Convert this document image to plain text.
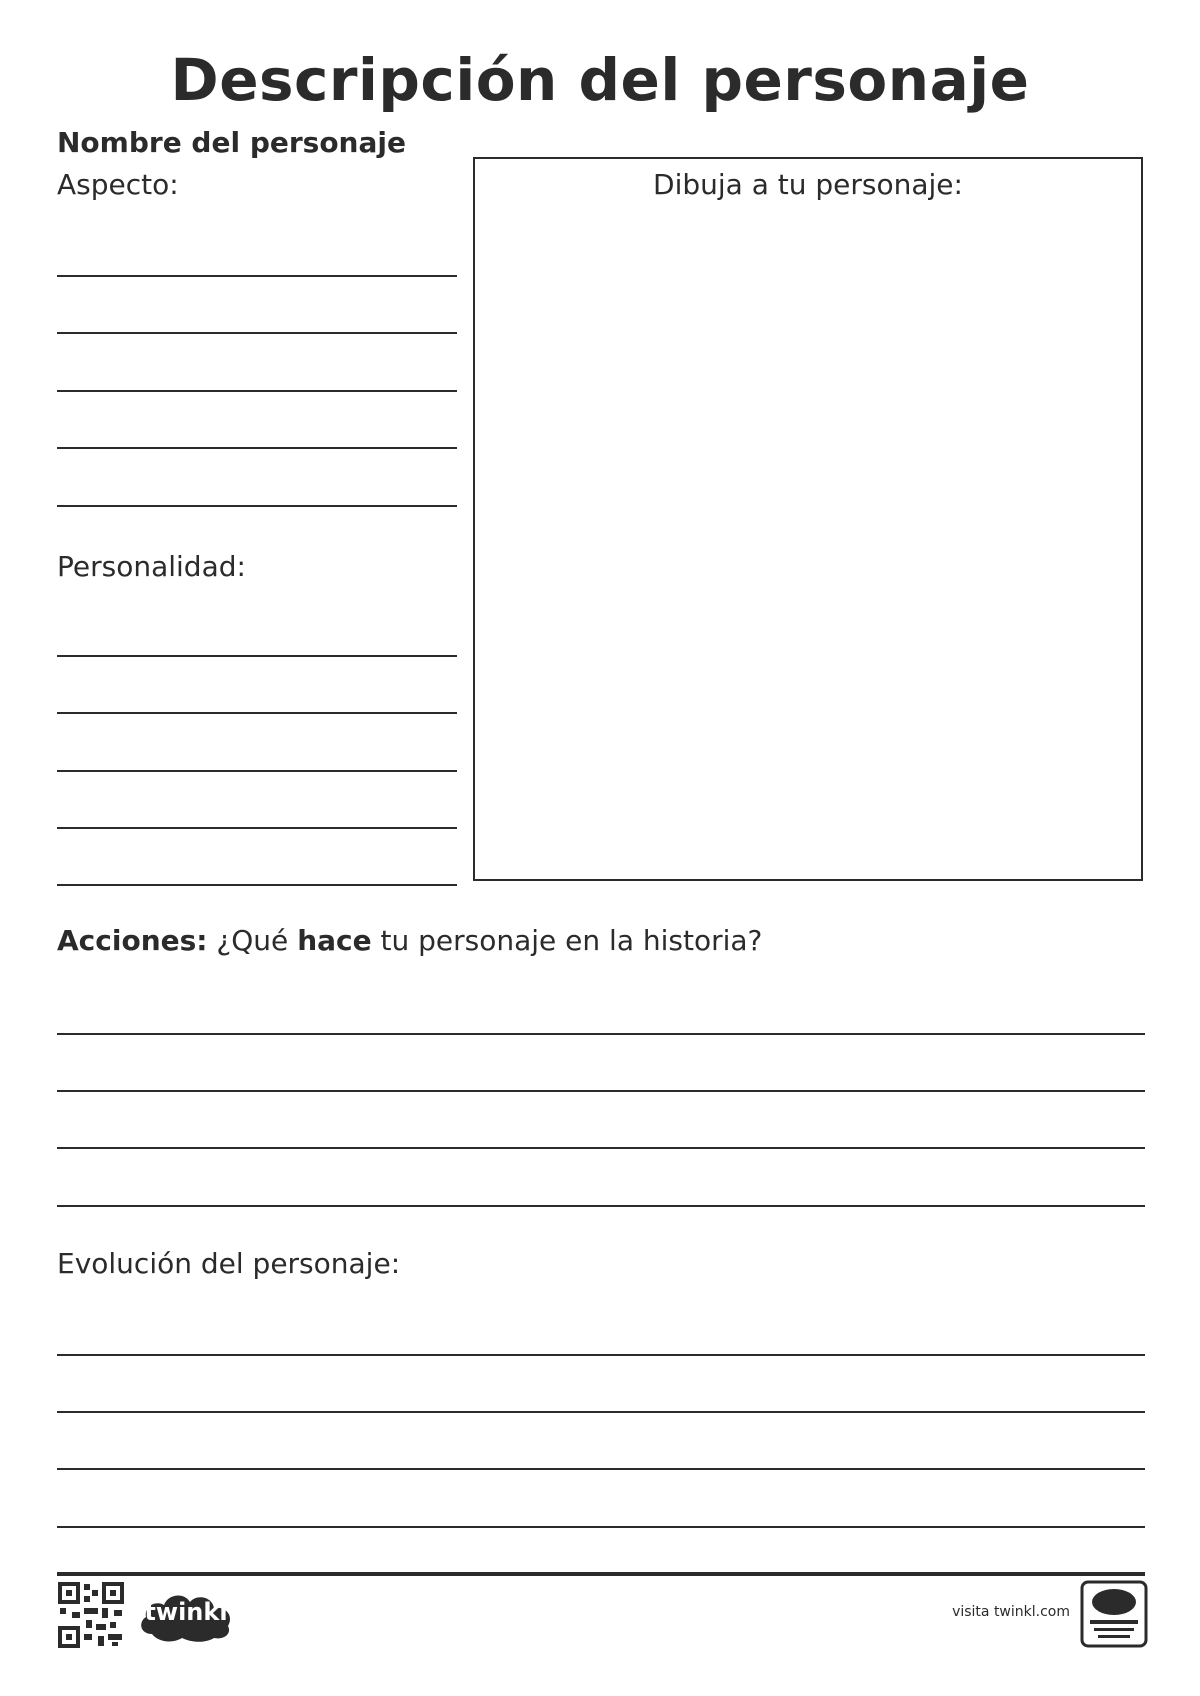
Descripción del personaje
Nombre del personaje
Aspecto:
Personalidad:
Dibuja a tu personaje:
Acciones: ¿Qué hace tu personaje en la historia?
Evolución del personaje:
twinkl	visita twinkl.com
